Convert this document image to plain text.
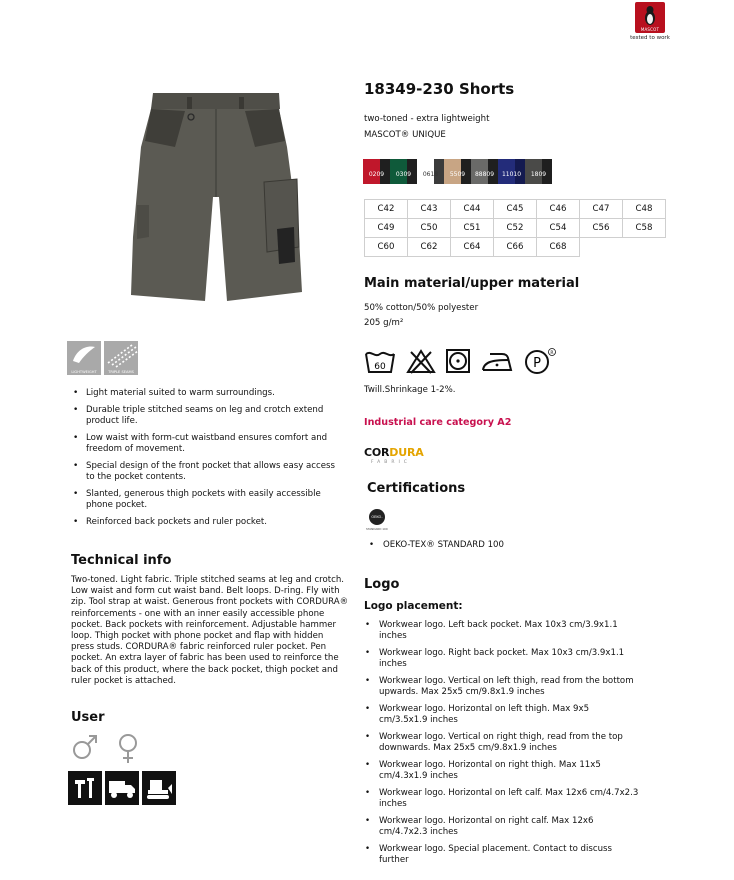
MASCOT
tested to work
LIGHTWEIGHT	TRIPLE SEAMS
• Light material suited to warm surroundings.
• Durable triple stitched seams on leg and crotch extend product life.
• Low waist with form-cut waistband ensures comfort and freedom of movement.
• Special design of the front pocket that allows easy access to the pocket contents.
• Slanted, generous thigh pockets with easily accessible phone pocket.
• Reinforced back pockets and ruler pocket.
Technical info
Two-toned. Light fabric. Triple stitched seams at leg and crotch. Low waist and form cut waist band. Belt loops. D-ring. Fly with zip. Tool strap at waist. Generous front pockets with CORDURA® reinforcements - one with an inner easily accessible phone pocket. Back pockets with reinforcement. Adjustable hammer loop. Thigh pocket with phone pocket and flap with hidden press studs. CORDURA® fabric reinforced ruler pocket. Pen pocket. An extra layer of fabric has been used to reinforce the back of this product, where the back pocket, thigh pocket and ruler pocket is attached.
User
18349-230 Shorts
two-toned - extra lightweight
MASCOT® UNIQUE
0209	0309	0618	5509	88809	11010	1809
C42	C43	C44	C45	C46	C47	C48
C49	C50	C51	C52	C54	C56	C58
C60	C62	C64	C66	C68		
Main material/upper material
50% cotton/50% polyester
205 g/m²
60	P
R
Twill.Shrinkage 1-2%.
Industrial care category A2
CORDURA
FABRIC
Certifications
OEKO-TEX
STANDARD 100
• OEKO-TEX® STANDARD 100
Logo
Logo placement:
• Workwear logo. Left back pocket. Max 10x3 cm/3.9x1.1 inches
• Workwear logo. Right back pocket. Max 10x3 cm/3.9x1.1 inches
• Workwear logo. Vertical on left thigh, read from the bottom upwards. Max 25x5 cm/9.8x1.9 inches
• Workwear logo. Horizontal on left thigh. Max 9x5 cm/3.5x1.9 inches
• Workwear logo. Vertical on right thigh, read from the top downwards. Max 25x5 cm/9.8x1.9 inches
• Workwear logo. Horizontal on right thigh. Max 11x5 cm/4.3x1.9 inches
• Workwear logo. Horizontal on left calf. Max 12x6 cm/4.7x2.3 inches
• Workwear logo. Horizontal on right calf. Max 12x6 cm/4.7x2.3 inches
• Workwear logo. Special placement. Contact to discuss further
